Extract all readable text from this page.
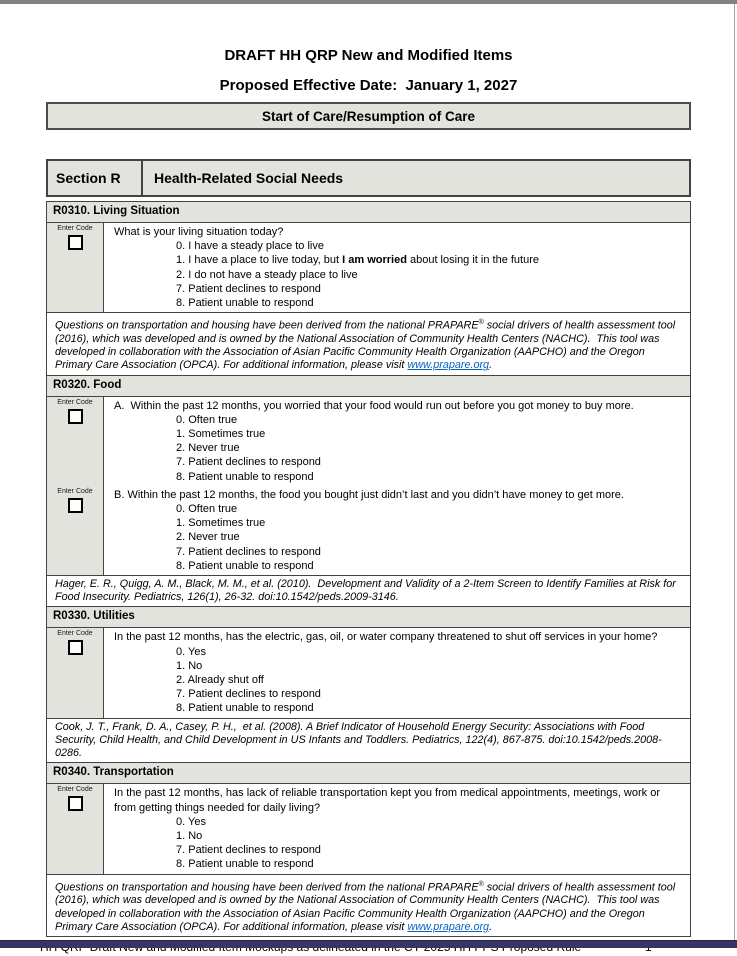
DRAFT HH QRP New and Modified Items
Proposed Effective Date:  January 1, 2027
Start of Care/Resumption of Care
Section R	Health-Related Social Needs
R0310. Living Situation
Enter Code	What is your living situation today?
0. I have a steady place to live
1. I have a place to live today, but I am worried about losing it in the future
2. I do not have a steady place to live
7. Patient declines to respond
8. Patient unable to respond
Questions on transportation and housing have been derived from the national PRAPARE® social drivers of health assessment tool (2016), which was developed and is owned by the National Association of Community Health Centers (NACHC).  This tool was developed in collaboration with the Association of Asian Pacific Community Health Organization (AAPCHO) and the Oregon Primary Care Association (OPCA). For additional information, please visit www.prapare.org.
R0320. Food
Enter Code	A.  Within the past 12 months, you worried that your food would run out before you got money to buy more.
0. Often true
1. Sometimes true
2. Never true
7. Patient declines to respond
8. Patient unable to respond
Enter Code	B. Within the past 12 months, the food you bought just didn’t last and you didn’t have money to get more.
0. Often true
1. Sometimes true
2. Never true
7. Patient declines to respond
8. Patient unable to respond
Hager, E. R., Quigg, A. M., Black, M. M., et al. (2010).  Development and Validity of a 2-Item Screen to Identify Families at Risk for Food Insecurity. Pediatrics, 126(1), 26-32. doi:10.1542/peds.2009-3146.
R0330. Utilities
Enter Code	In the past 12 months, has the electric, gas, oil, or water company threatened to shut off services in your home?
0. Yes
1. No
2. Already shut off
7. Patient declines to respond
8. Patient unable to respond
Cook, J. T., Frank, D. A., Casey, P. H.,  et al. (2008). A Brief Indicator of Household Energy Security: Associations with Food Security, Child Health, and Child Development in US Infants and Toddlers. Pediatrics, 122(4), 867-875. doi:10.1542/peds.2008-0286.
R0340. Transportation
Enter Code	In the past 12 months, has lack of reliable transportation kept you from medical appointments, meetings, work or from getting things needed for daily living?
0. Yes
1. No
7. Patient declines to respond
8. Patient unable to respond
Questions on transportation and housing have been derived from the national PRAPARE® social drivers of health assessment tool (2016), which was developed and is owned by the National Association of Community Health Centers (NACHC).  This tool was developed in collaboration with the Association of Asian Pacific Community Health Organization (AAPCHO) and the Oregon Primary Care Association (OPCA). For additional information, please visit www.prapare.org.
